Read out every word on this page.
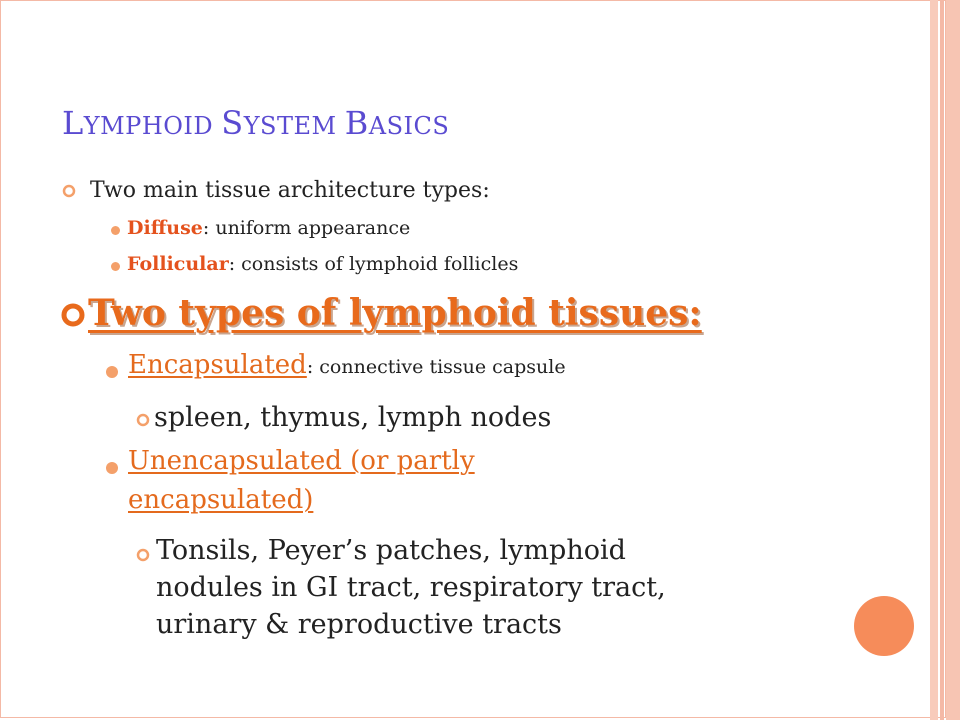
LYMPHOID SYSTEM BASICS
Two main tissue architecture types:
Diffuse: uniform appearance
Follicular: consists of lymphoid follicles
Two types of lymphoid tissues:
Encapsulated: connective tissue capsule
spleen, thymus, lymph nodes
Unencapsulated (or partly
encapsulated)
Tonsils, Peyer’s patches, lymphoid
nodules in GI tract, respiratory tract,
urinary & reproductive tracts
